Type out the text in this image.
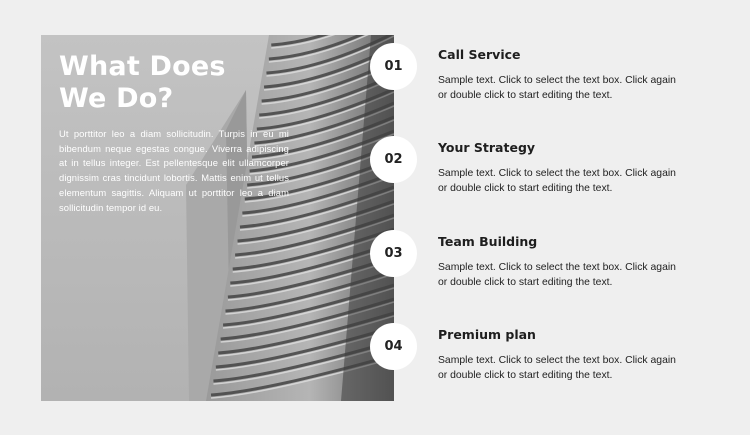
What Does
We Do?

Ut porttitor leo a diam sollicitudin. Turpis in eu mi bibendum neque egestas congue. Viverra adipiscing at in tellus integer. Est pellentesque elit ullamcorper dignissim cras tincidunt lobortis. Mattis enim ut tellus elementum sagittis. Aliquam ut porttitor leo a diam sollicitudin tempor id eu.

01
Call Service

Sample text. Click to select the text box. Click again or double click to start editing the text.

02
Your Strategy

Sample text. Click to select the text box. Click again or double click to start editing the text.

03
Team Building

Sample text. Click to select the text box. Click again or double click to start editing the text.

04
Premium plan

Sample text. Click to select the text box. Click again or double click to start editing the text.
